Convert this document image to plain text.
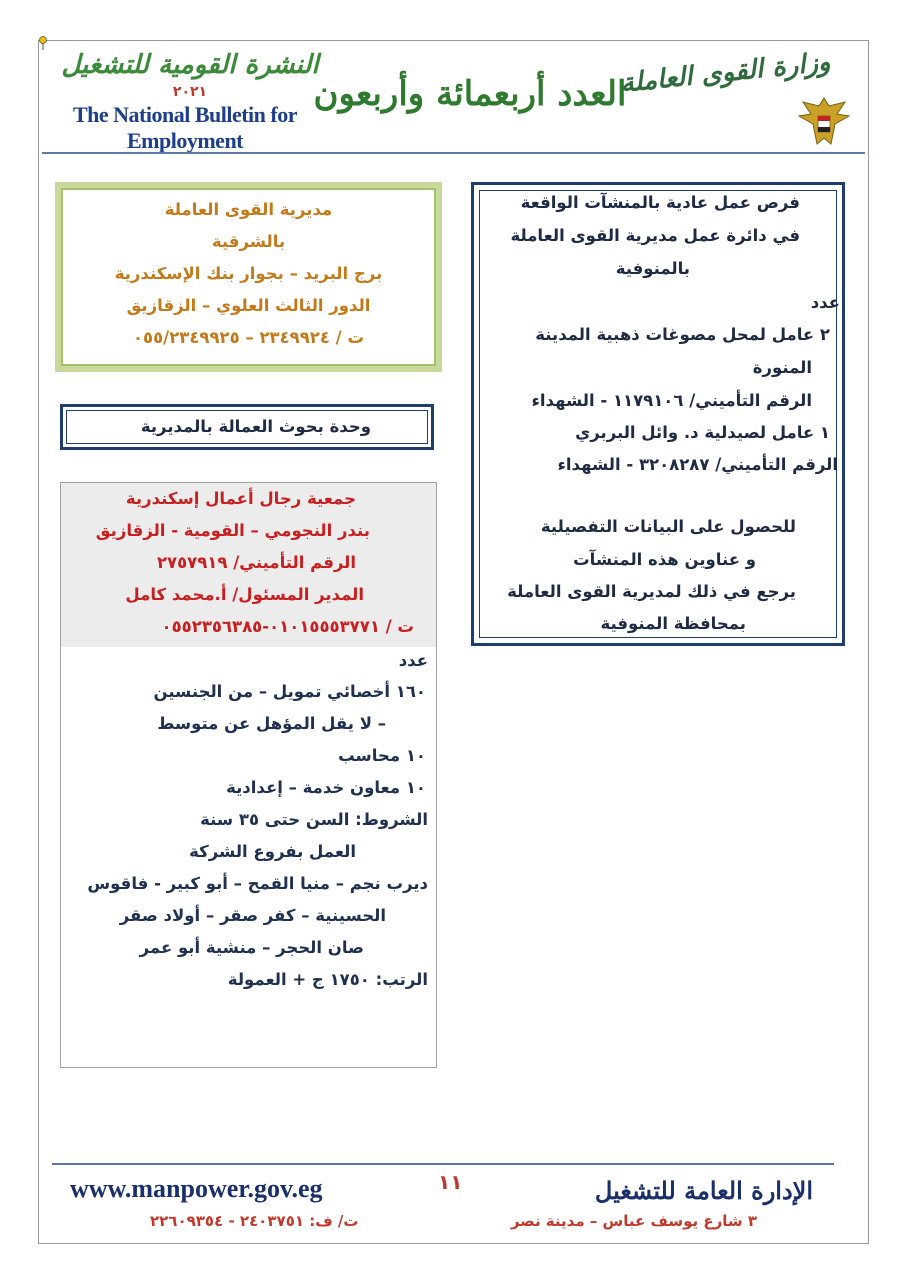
وزارة القوى العاملة
العدد أربعمائة وأربعون
النشرة القومية للتشغيل
٢٠٢١
The National Bulletin for Employment
فرص عمل عادية بالمنشآت الواقعة
في دائرة عمل مديرية القوى العاملة
بالمنوفية
عدد
٢ عامل لمحل مصوغات ذهبية المدينة
المنورة
الرقم التأميني/ ١١٧٩١٠٦ - الشهداء
١ عامل لصيدلية د. وائل البربري
الرقم التأميني/ ٣٢٠٨٢٨٧ - الشهداء
للحصول على البيانات التفصيلية
و عناوين هذه المنشآت
يرجع في ذلك لمديرية القوى العاملة
بمحافظة المنوفية
مديرية القوى العاملة
بالشرقية
برج البريد – بجوار بنك الإسكندرية
الدور الثالث العلوي – الزقازيق
ت / ٢٣٤٩٩٢٤ – ٠٥٥/٢٣٤٩٩٢٥
وحدة بحوث العمالة بالمديرية
جمعية رجال أعمال إسكندرية
بندر النجومي – القومية - الزقازيق
الرقم التأميني/ ٢٧٥٧٩١٩
المدير المسئول/ أ.محمد كامل
ت / ٠١٠١٥٥٥٣٧٧١-٠٥٥٢٣٥٦٣٨٥
عدد
١٦٠ أخصائي تمويل – من الجنسين
– لا يقل المؤهل عن متوسط
١٠ محاسب
١٠ معاون خدمة – إعدادية
الشروط: السن حتى ٣٥ سنة
العمل بفروع الشركة
ديرب نجم – منيا القمح – أبو كبير - فاقوس
الحسينية – كفر صقر – أولاد صقر
صان الحجر – منشية أبو عمر
الرتب: ١٧٥٠ ج + العمولة
www.manpower.gov.eg	١١	الإدارة العامة للتشغيل
٣ شارع يوسف عباس – مدينة نصر
ت/ ف: ٢٤٠٣٧٥١ - ٢٢٦٠٩٣٥٤
